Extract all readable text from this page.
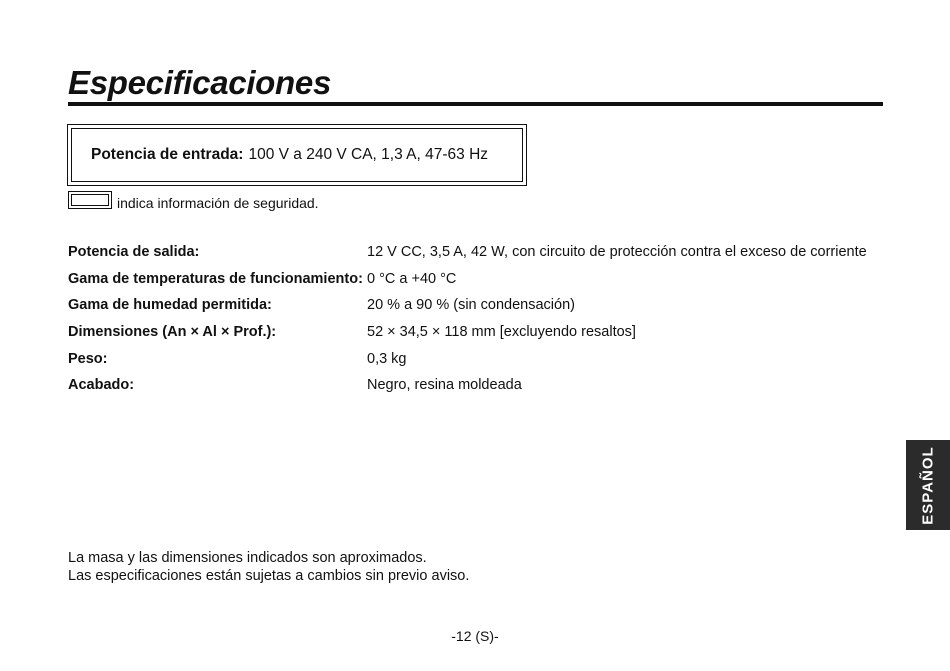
Especificaciones
Potencia de entrada: 100 V a 240 V CA, 1,3 A, 47-63 Hz
indica información de seguridad.
Potencia de salida:	12 V CC, 3,5 A, 42 W, con circuito de protección contra el exceso de corriente
Gama de temperaturas de funcionamiento: 0 °C a +40 °C
Gama de humedad permitida:	20 % a 90 % (sin condensación)
Dimensiones (An × Al × Prof.):	52 × 34,5 × 118 mm [excluyendo resaltos]
Peso:	0,3 kg
Acabado:	Negro, resina moldeada
ESPAÑOL
La masa y las dimensiones indicados son aproximados.
Las especificaciones están sujetas a cambios sin previo aviso.
-12 (S)-
